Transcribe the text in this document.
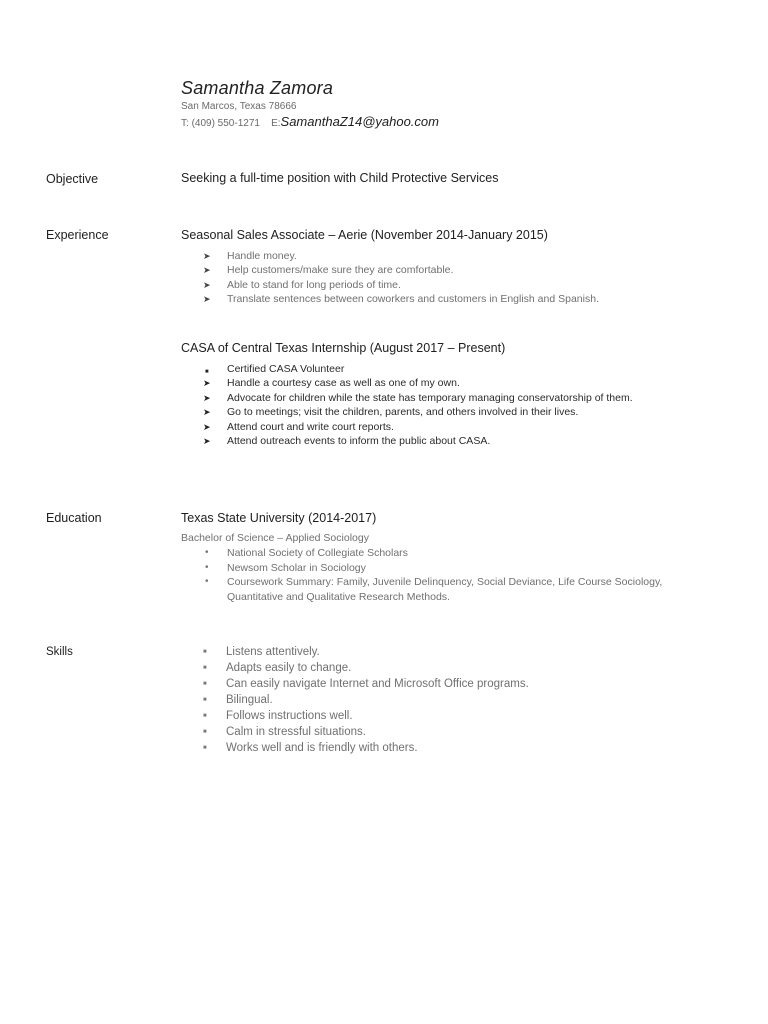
Samantha Zamora
San Marcos, Texas 78666
T: (409) 550-1271 E:SamanthaZ14@yahoo.com
Objective	Seeking a full-time position with Child Protective Services
Experience	Seasonal Sales Associate – Aerie (November 2014-January 2015)
➤ Handle money.
➤ Help customers/make sure they are comfortable.
➤ Able to stand for long periods of time.
➤ Translate sentences between coworkers and customers in English and Spanish.
CASA of Central Texas Internship (August 2017 – Present)
■ Certified CASA Volunteer
➤ Handle a courtesy case as well as one of my own.
➤ Advocate for children while the state has temporary managing conservatorship of them.
➤ Go to meetings; visit the children, parents, and others involved in their lives.
➤ Attend court and write court reports.
➤ Attend outreach events to inform the public about CASA.
Education	Texas State University (2014-2017)
Bachelor of Science – Applied Sociology
• National Society of Collegiate Scholars
• Newsom Scholar in Sociology
• Coursework Summary: Family, Juvenile Delinquency, Social Deviance, Life Course Sociology, Quantitative and Qualitative Research Methods.
Skills	■ Listens attentively.
■ Adapts easily to change.
■ Can easily navigate Internet and Microsoft Office programs.
■ Bilingual.
■ Follows instructions well.
■ Calm in stressful situations.
■ Works well and is friendly with others.
